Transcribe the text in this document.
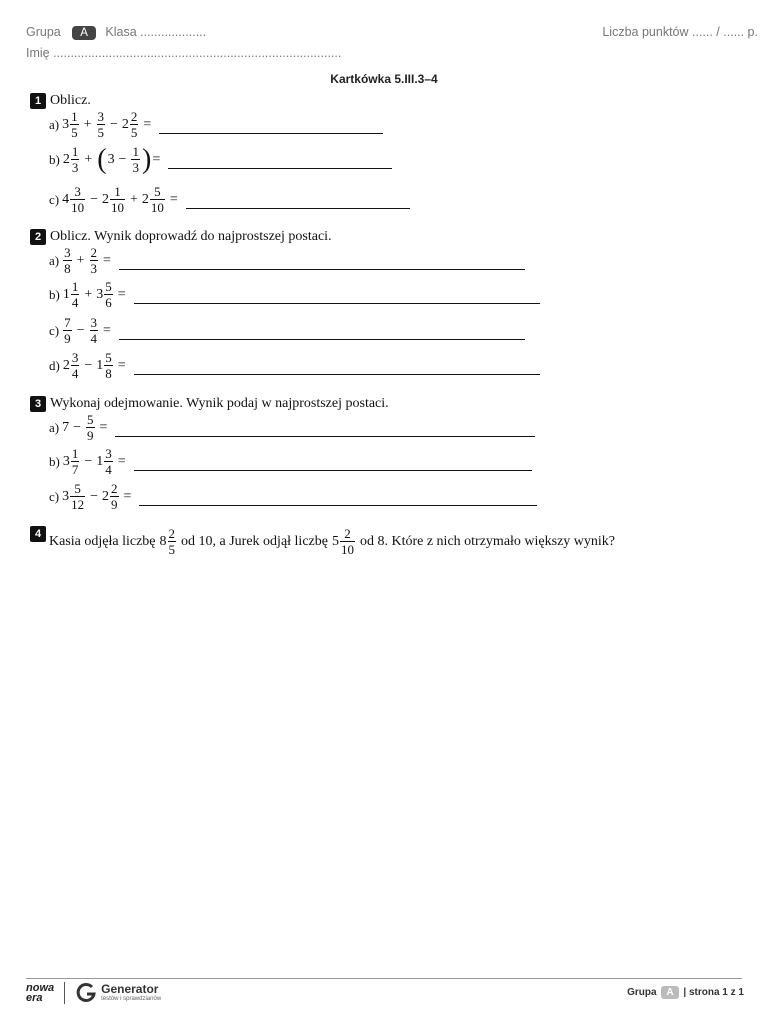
Grupa A Klasa ...................	Liczba punktów ...... / ...... p.
Imię ...................................................................................
Kartkówka 5.III.3–4
1 Oblicz.
a) $3 \frac{1}{5} + \frac{3}{5} - 2 \frac{2}{5}$ =
b) $2 \frac{1}{3}$ + ( $3 - \frac{1}{3}$ ) =
c) $4 \frac{3}{10} - 2 \frac{1}{10} + 2 \frac{5}{10}$ =
2 Oblicz. Wynik doprowadź do najprostszej postaci.
$a) \frac{3}{8} + \frac{2}{3}$ =
b) $1 \frac{1}{4} + 3 \frac{5}{6}$ =
$c) \frac{7}{9} - \frac{3}{4}$ =
d) $2 \frac{3}{4} - 1 \frac{5}{8}$ =
3 Wykonaj odejmowanie. Wynik podaj w najprostszej postaci.
a) $7 - \frac{5}{9}$ =
b) $3 \frac{1}{7} - 1 \frac{3}{4}$ =
c) $3 \frac{5}{12} - 2 \frac{2}{9}$ =
4 Kasia odjęła liczbę $8 \frac{2}{5}$ od 10, a Jurek odjął liczbę $5 \frac{2}{10}$ od 8. Które z nich otrzymało większy wynik?
nowa
era
Generator
testów i sprawdzianów
Grupa A | strona 1 z 1
